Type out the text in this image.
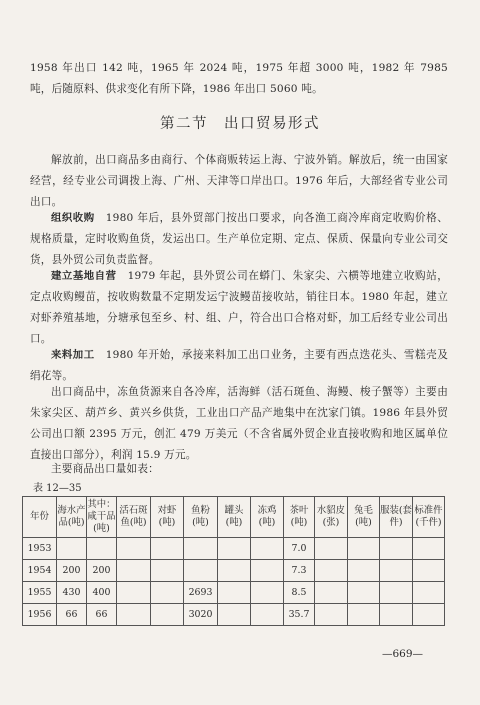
1958 年出口 142 吨，1965 年 2024 吨，1975 年超 3000 吨，1982 年 7985 吨，后随原料、供求变化有所下降，1986 年出口 5060 吨。
第二节　出口贸易形式
解放前，出口商品多由商行、个体商贩转运上海、宁波外销。解放后，统一由国家经营，经专业公司调拨上海、广州、天津等口岸出口。1976 年后，大部经省专业公司出口。
组织收购　1980 年后，县外贸部门按出口要求，向各渔工商冷库商定收购价格、规格质量，定时收购鱼货，发运出口。生产单位定期、定点、保质、保量向专业公司交货，县外贸公司负责监督。
建立基地自营　1979 年起，县外贸公司在蟒门、朱家尖、六横等地建立收购站，定点收购鳗苗，按收购数量不定期发运宁波鳗苗接收站，销往日本。1980 年起，建立对虾养殖基地，分塘承包至乡、村、组、户，符合出口合格对虾，加工后经专业公司出口。
来料加工　1980 年开始，承接来料加工出口业务，主要有西点迭花头、雪糕壳及绢花等。
出口商品中，冻鱼货源来自各冷库，活海鲜（活石斑鱼、海鳗、梭子蟹等）主要由朱家尖区、葫芦乡、黄兴乡供货，工业出口产品产地集中在沈家门镇。1986 年县外贸公司出口额 2395 万元，创汇 479 万美元（不含省属外贸企业直接收购和地区属单位直接出口部分），利润 15.9 万元。
主要商品出口量如表：
表 12—35
年份	海水产品(吨)	其中：咸干品(吨)	活石斑鱼(吨)	对虾(吨)	鱼粉(吨)	罐头(吨)	冻鸡(吨)	茶叶(吨)	水貂皮(张)	兔毛(吨)	服装(套件)	标准件(千件)
1953								7.0				
1954	200	200						7.3				
1955	430	400			2693			8.5				
1956	66	66			3020			35.7				
—669—
